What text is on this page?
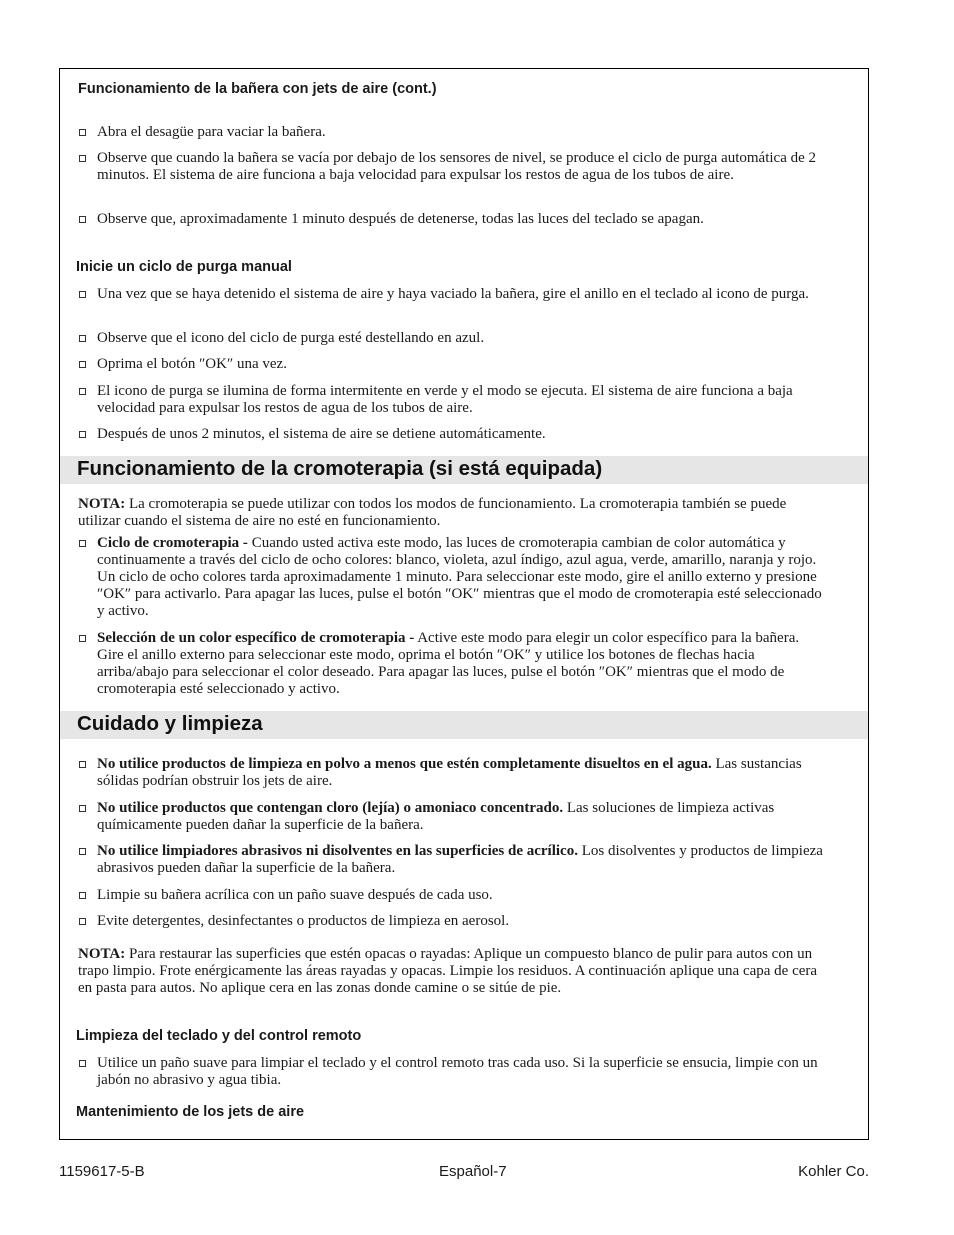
Funcionamiento de la bañera con jets de aire (cont.)
Abra el desagüe para vaciar la bañera.
Observe que cuando la bañera se vacía por debajo de los sensores de nivel, se produce el ciclo de purga automática de 2 minutos. El sistema de aire funciona a baja velocidad para expulsar los restos de agua de los tubos de aire.
Observe que, aproximadamente 1 minuto después de detenerse, todas las luces del teclado se apagan.
Inicie un ciclo de purga manual
Una vez que se haya detenido el sistema de aire y haya vaciado la bañera, gire el anillo en el teclado al icono de purga.
Observe que el icono del ciclo de purga esté destellando en azul.
Oprima el botón ″OK″ una vez.
El icono de purga se ilumina de forma intermitente en verde y el modo se ejecuta. El sistema de aire funciona a baja velocidad para expulsar los restos de agua de los tubos de aire.
Después de unos 2 minutos, el sistema de aire se detiene automáticamente.
Funcionamiento de la cromoterapia (si está equipada)
NOTA: La cromoterapia se puede utilizar con todos los modos de funcionamiento. La cromoterapia también se puede utilizar cuando el sistema de aire no esté en funcionamiento.
Ciclo de cromoterapia - Cuando usted activa este modo, las luces de cromoterapia cambian de color automática y continuamente a través del ciclo de ocho colores: blanco, violeta, azul índigo, azul agua, verde, amarillo, naranja y rojo. Un ciclo de ocho colores tarda aproximadamente 1 minuto. Para seleccionar este modo, gire el anillo externo y presione ″OK″ para activarlo. Para apagar las luces, pulse el botón ″OK″ mientras que el modo de cromoterapia esté seleccionado y activo.
Selección de un color específico de cromoterapia - Active este modo para elegir un color específico para la bañera. Gire el anillo externo para seleccionar este modo, oprima el botón ″OK″ y utilice los botones de flechas hacia arriba/abajo para seleccionar el color deseado. Para apagar las luces, pulse el botón ″OK″ mientras que el modo de cromoterapia esté seleccionado y activo.
Cuidado y limpieza
No utilice productos de limpieza en polvo a menos que estén completamente disueltos en el agua. Las sustancias sólidas podrían obstruir los jets de aire.
No utilice productos que contengan cloro (lejía) o amoniaco concentrado. Las soluciones de limpieza activas químicamente pueden dañar la superficie de la bañera.
No utilice limpiadores abrasivos ni disolventes en las superficies de acrílico. Los disolventes y productos de limpieza abrasivos pueden dañar la superficie de la bañera.
Limpie su bañera acrílica con un paño suave después de cada uso.
Evite detergentes, desinfectantes o productos de limpieza en aerosol.
NOTA: Para restaurar las superficies que estén opacas o rayadas: Aplique un compuesto blanco de pulir para autos con un trapo limpio. Frote enérgicamente las áreas rayadas y opacas. Limpie los residuos. A continuación aplique una capa de cera en pasta para autos. No aplique cera en las zonas donde camine o se sitúe de pie.
Limpieza del teclado y del control remoto
Utilice un paño suave para limpiar el teclado y el control remoto tras cada uso. Si la superficie se ensucia, limpie con un jabón no abrasivo y agua tibia.
Mantenimiento de los jets de aire
1159617-5-B	Español-7	Kohler Co.
